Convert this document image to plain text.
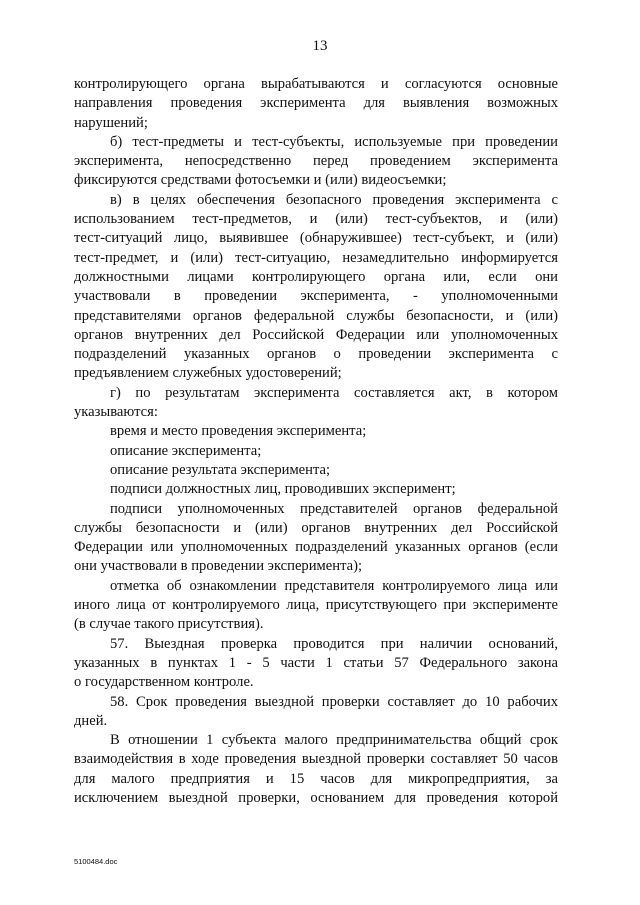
13
контролирующего органа вырабатываются и согласуются основные
направления проведения эксперимента для выявления возможных
нарушений;
б) тест-предметы и тест-субъекты, используемые при проведении
эксперимента, непосредственно перед проведением эксперимента
фиксируются средствами фотосъемки и (или) видеосъемки;
в) в целях обеспечения безопасного проведения эксперимента с
использованием тест-предметов, и (или) тест-субъектов, и (или)
тест-ситуаций лицо, выявившее (обнаружившее) тест-субъект, и (или)
тест-предмет, и (или) тест-ситуацию, незамедлительно информируется
должностными лицами контролирующего органа или, если они
участвовали в проведении эксперимента, - уполномоченными
представителями органов федеральной службы безопасности, и (или)
органов внутренних дел Российской Федерации или уполномоченных
подразделений указанных органов о проведении эксперимента с
предъявлением служебных удостоверений;
г) по результатам эксперимента составляется акт, в котором
указываются:
время и место проведения эксперимента;
описание эксперимента;
описание результата эксперимента;
подписи должностных лиц, проводивших эксперимент;
подписи уполномоченных представителей органов федеральной
службы безопасности и (или) органов внутренних дел Российской
Федерации или уполномоченных подразделений указанных органов (если
они участвовали в проведении эксперимента);
отметка об ознакомлении представителя контролируемого лица или
иного лица от контролируемого лица, присутствующего при эксперименте
(в случае такого присутствия).
57. Выездная проверка проводится при наличии оснований,
указанных в пунктах 1 - 5 части 1 статьи 57 Федерального закона
о государственном контроле.
58. Срок проведения выездной проверки составляет до 10 рабочих
дней.
В отношении 1 субъекта малого предпринимательства общий срок
взаимодействия в ходе проведения выездной проверки составляет 50 часов
для малого предприятия и 15 часов для микропредприятия, за
исключением выездной проверки, основанием для проведения которой
5100484.doc
